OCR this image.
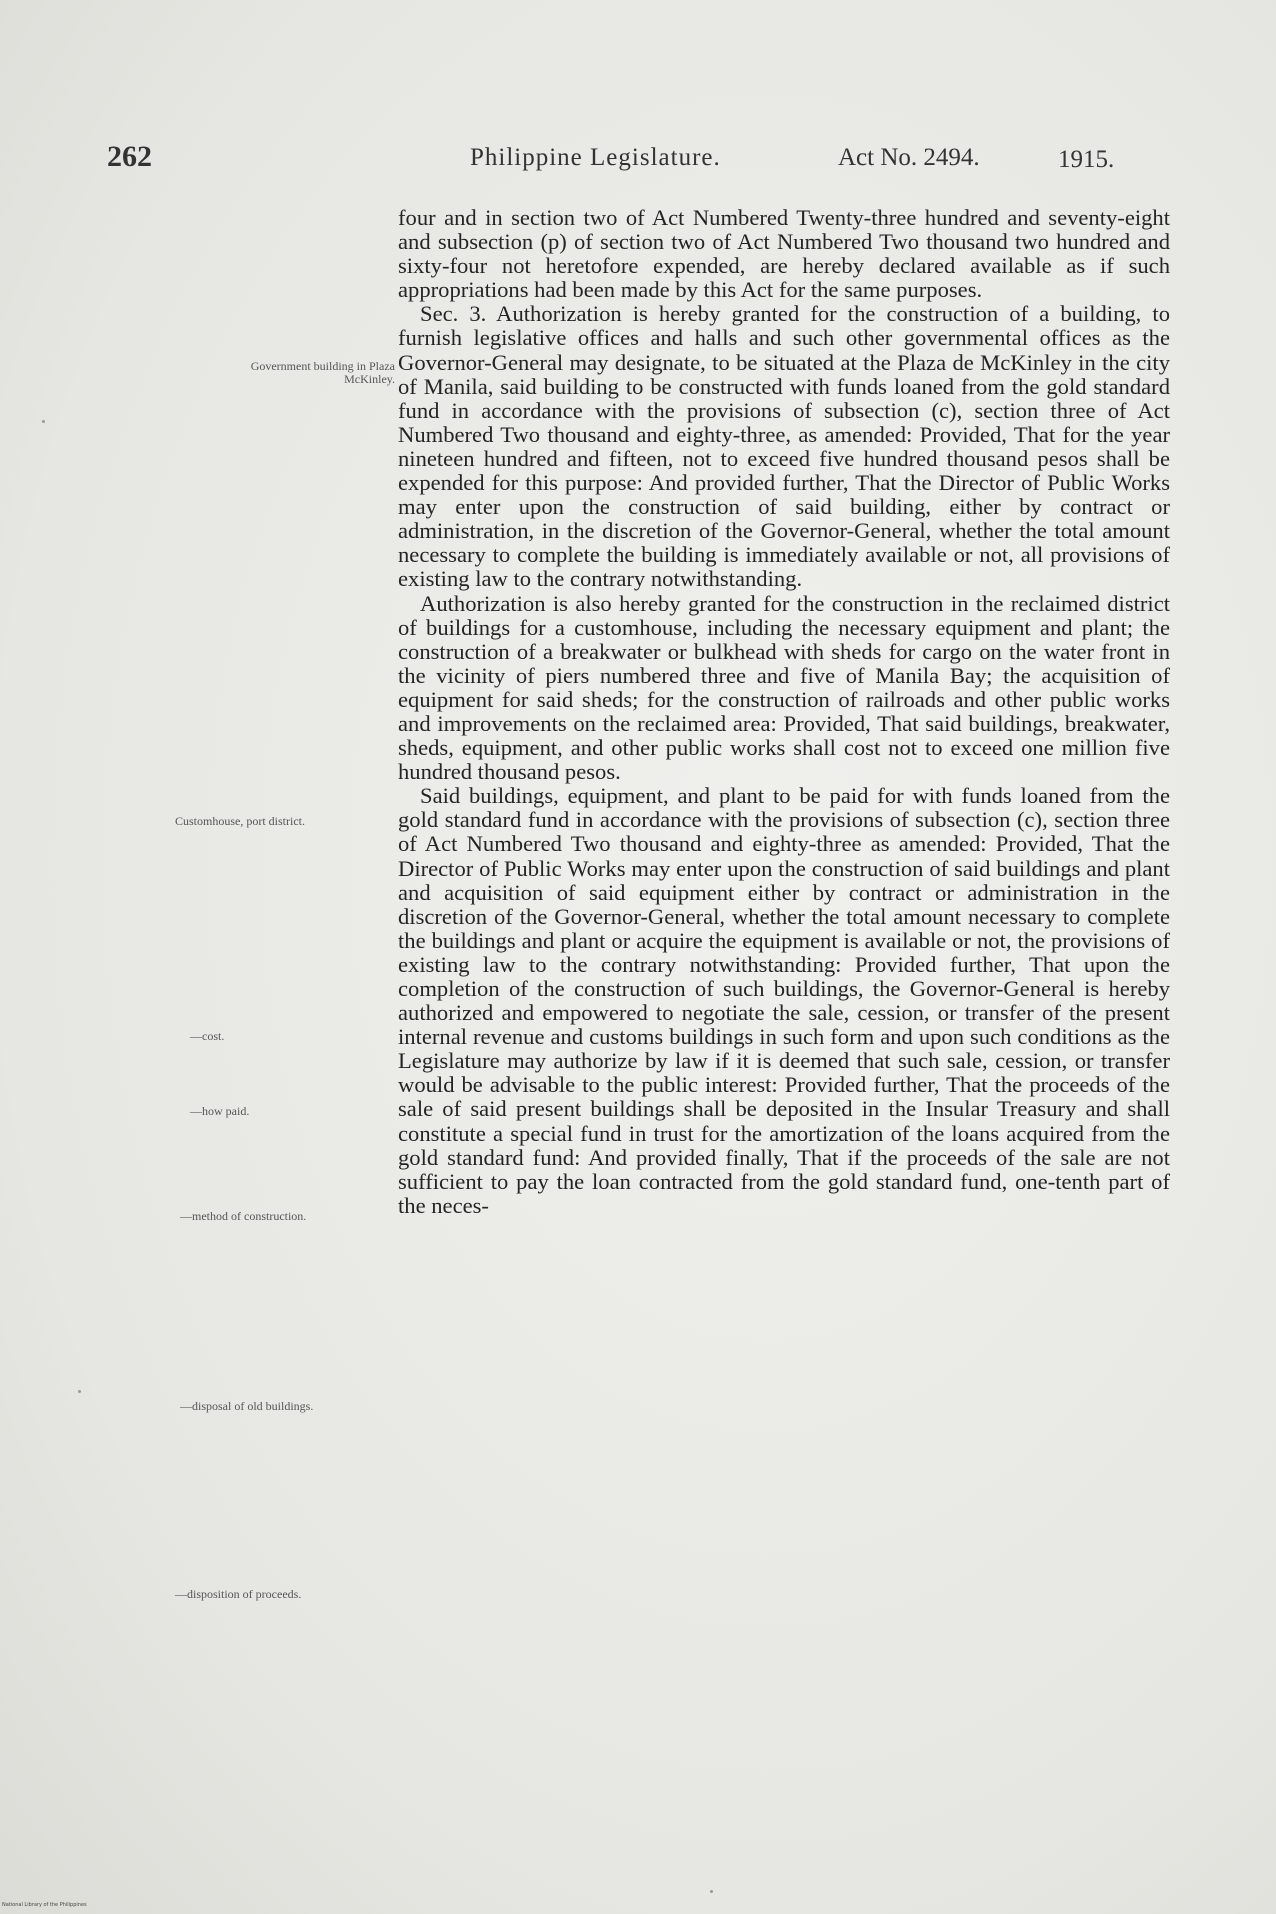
262	Philippine Legislature.	Act No. 2494.	1915.
Government building in Plaza McKinley.
Customhouse, port district.
—cost.
—how paid.
—method of construction.
—disposal of old buildings.
—disposition of proceeds.

four and in section two of Act Numbered Twenty-three hundred and seventy-eight and subsection (p) of section two of Act Numbered Two thousand two hundred and sixty-four not heretofore expended, are hereby declared available as if such appropriations had been made by this Act for the same purposes.

Sec. 3. Authorization is hereby granted for the construction of a building, to furnish legislative offices and halls and such other governmental offices as the Governor-General may designate, to be situated at the Plaza de McKinley in the city of Manila, said building to be constructed with funds loaned from the gold standard fund in accordance with the provisions of subsection (c), section three of Act Numbered Two thousand and eighty-three, as amended: Provided, That for the year nineteen hundred and fifteen, not to exceed five hundred thousand pesos shall be expended for this purpose: And provided further, That the Director of Public Works may enter upon the construction of said building, either by contract or administration, in the discretion of the Governor-General, whether the total amount necessary to complete the building is immediately available or not, all provisions of existing law to the contrary notwithstanding.

Authorization is also hereby granted for the construction in the reclaimed district of buildings for a customhouse, including the necessary equipment and plant; the construction of a breakwater or bulkhead with sheds for cargo on the water front in the vicinity of piers numbered three and five of Manila Bay; the acquisition of equipment for said sheds; for the construction of railroads and other public works and improvements on the reclaimed area: Provided, That said buildings, breakwater, sheds, equipment, and other public works shall cost not to exceed one million five hundred thousand pesos.

Said buildings, equipment, and plant to be paid for with funds loaned from the gold standard fund in accordance with the provisions of subsection (c), section three of Act Numbered Two thousand and eighty-three as amended: Provided, That the Director of Public Works may enter upon the construction of said buildings and plant and acquisition of said equipment either by contract or administration in the discretion of the Governor-General, whether the total amount necessary to complete the buildings and plant or acquire the equipment is available or not, the provisions of existing law to the contrary notwithstanding: Provided further, That upon the completion of the construction of such buildings, the Governor-General is hereby authorized and empowered to negotiate the sale, cession, or transfer of the present internal revenue and customs buildings in such form and upon such conditions as the Legislature may authorize by law if it is deemed that such sale, cession, or transfer would be advisable to the public interest: Provided further, That the proceeds of the sale of said present buildings shall be deposited in the Insular Treasury and shall constitute a special fund in trust for the amortization of the loans acquired from the gold standard fund: And provided finally, That if the proceeds of the sale are not sufficient to pay the loan contracted from the gold standard fund, one-tenth part of the neces-

National Library of the Philippines
